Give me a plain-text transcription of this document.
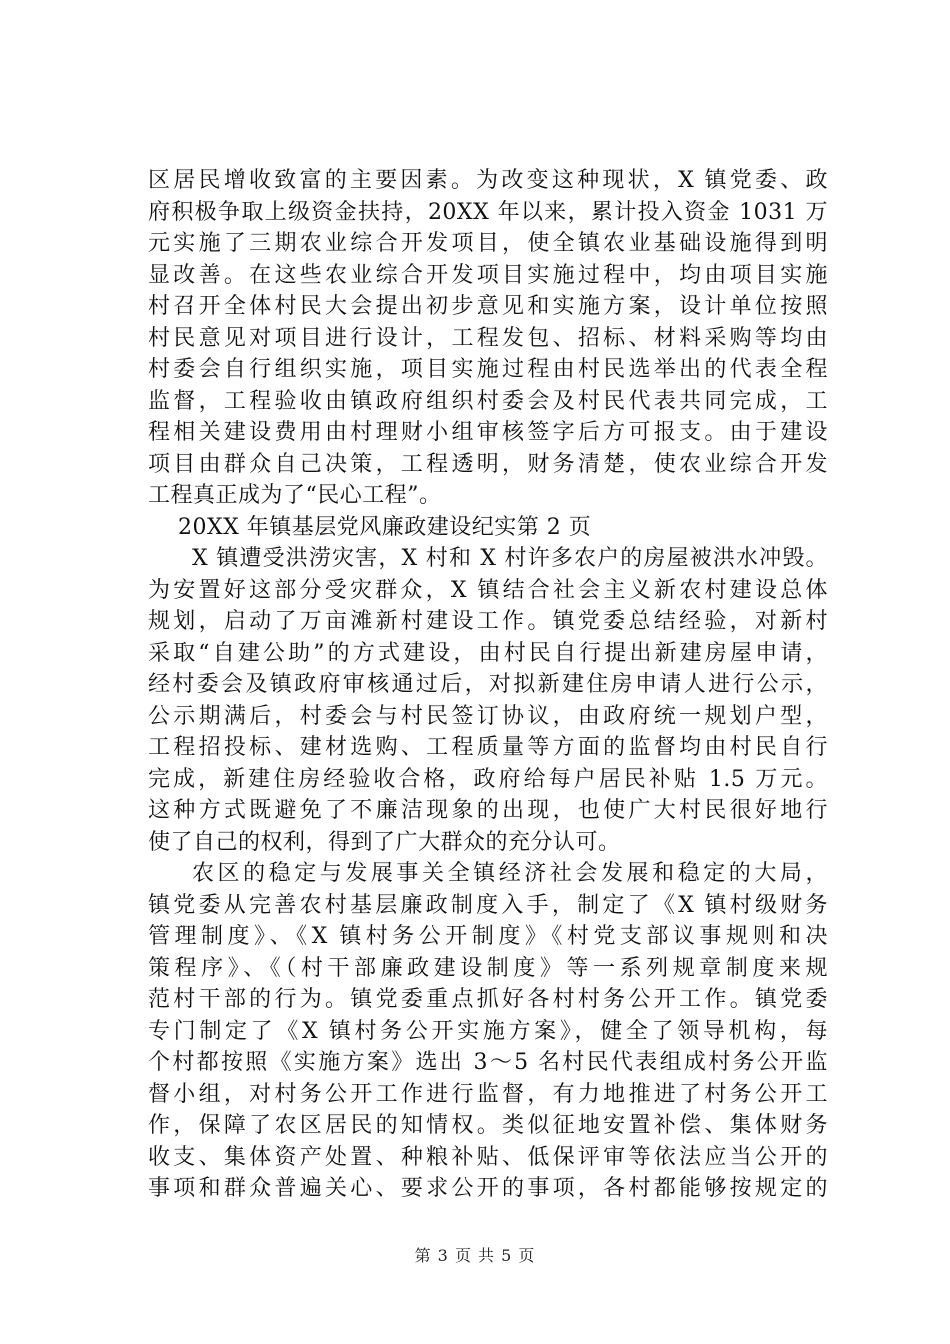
区居民增收致富的主要因素。为改变这种现状，X 镇党委、政
府积极争取上级资金扶持，20XX 年以来，累计投入资金 1031 万
元实施了三期农业综合开发项目，使全镇农业基础设施得到明
显改善。在这些农业综合开发项目实施过程中，均由项目实施
村召开全体村民大会提出初步意见和实施方案，设计单位按照
村民意见对项目进行设计，工程发包、招标、材料采购等均由
村委会自行组织实施，项目实施过程由村民选举出的代表全程
监督，工程验收由镇政府组织村委会及村民代表共同完成，工
程相关建设费用由村理财小组审核签字后方可报支。由于建设
项目由群众自己决策，工程透明，财务清楚，使农业综合开发
工程真正成为了“民心工程”。
20XX 年镇基层党风廉政建设纪实第 2 页
X 镇遭受洪涝灾害，X 村和 X 村许多农户的房屋被洪水冲毁。
为安置好这部分受灾群众，X 镇结合社会主义新农村建设总体
规划，启动了万亩滩新村建设工作。镇党委总结经验，对新村
采取“自建公助”的方式建设，由村民自行提出新建房屋申请，
经村委会及镇政府审核通过后，对拟新建住房申请人进行公示，
公示期满后，村委会与村民签订协议，由政府统一规划户型，
工程招投标、建材选购、工程质量等方面的监督均由村民自行
完成，新建住房经验收合格，政府给每户居民补贴 1.5 万元。
这种方式既避免了不廉洁现象的出现，也使广大村民很好地行
使了自己的权利，得到了广大群众的充分认可。
农区的稳定与发展事关全镇经济社会发展和稳定的大局，
镇党委从完善农村基层廉政制度入手，制定了《X 镇村级财务
管理制度》、《X 镇村务公开制度》《村党支部议事规则和决
策程序》、《（村干部廉政建设制度》等一系列规章制度来规
范村干部的行为。镇党委重点抓好各村村务公开工作。镇党委
专门制定了《X 镇村务公开实施方案》，健全了领导机构，每
个村都按照《实施方案》选出 3～5 名村民代表组成村务公开监
督小组，对村务公开工作进行监督，有力地推进了村务公开工
作，保障了农区居民的知情权。类似征地安置补偿、集体财务
收支、集体资产处置、种粮补贴、低保评审等依法应当公开的
事项和群众普遍关心、要求公开的事项，各村都能够按规定的
第 3 页 共 5 页
